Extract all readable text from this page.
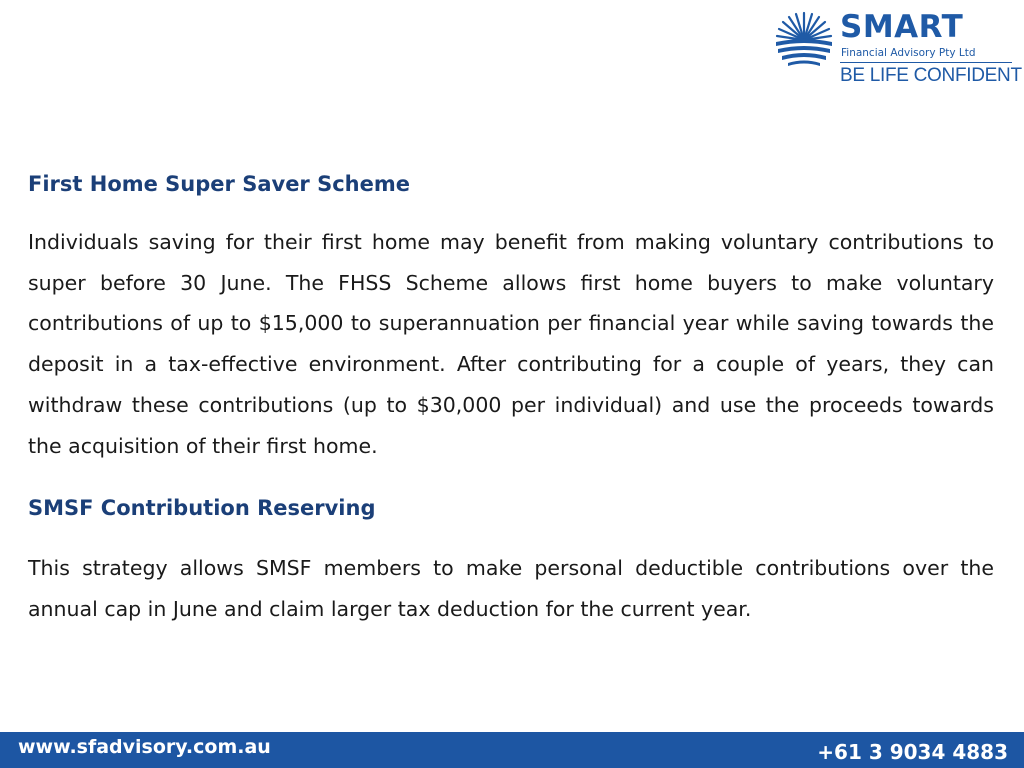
SMART
Financial Advisory Pty Ltd
BE LIFE CONFIDENT
First Home Super Saver Scheme

Individuals saving for their first home may benefit from making voluntary contributions to super before 30 June. The FHSS Scheme allows first home buyers to make voluntary contributions of up to $15,000 to superannuation per financial year while saving towards the deposit in a tax-effective environment. After contributing for a couple of years, they can withdraw these contributions (up to $30,000 per individual) and use the proceeds towards the acquisition of their first home.

SMSF Contribution Reserving

This strategy allows SMSF members to make personal deductible contributions over the annual cap in June and claim larger tax deduction for the current year.

www.sfadvisory.com.au	+61 3 9034 4883
